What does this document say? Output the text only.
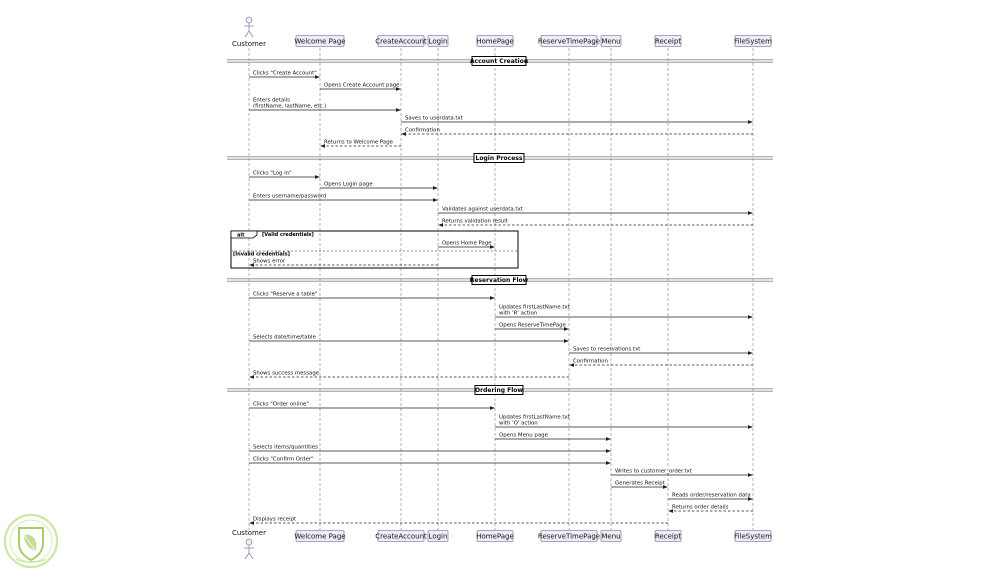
Account Creation
Login Process
Reservation Flow
Ordering Flow
alt	[Valid credentials]
[Invalid credentials]
Clicks "Create Account"
Opens Create Account page
Enters details
(firstName, lastName, etc.)
Saves to userdata.txt
Confirmation
Returns to Welcome Page
Clicks "Log in"
Opens Login page
Enters username/password
Validates against userdata.txt
Returns validation result
Opens Home Page
Shows error
Clicks "Reserve a table"
Updates firstLastName.txt
with 'R' action
Opens ReserveTimePage
Selects date/time/table
Saves to reservations.txt
Confirmation
Shows success message
Clicks "Order online"
Updates firstLastName.txt
with 'O' action
Opens Menu page
Selects items/quantities
Clicks "Confirm Order"
Writes to customer_order.txt
Generates Receipt
Reads order/reservation data
Returns order details
Displays receipt
Customer
Customer
Welcome Page
Welcome Page
CreateAccount
CreateAccount
Login
Login
HomePage
HomePage
ReserveTimePage
ReserveTimePage
Menu
Menu
Receipt
Receipt
FileSystem
FileSystem
